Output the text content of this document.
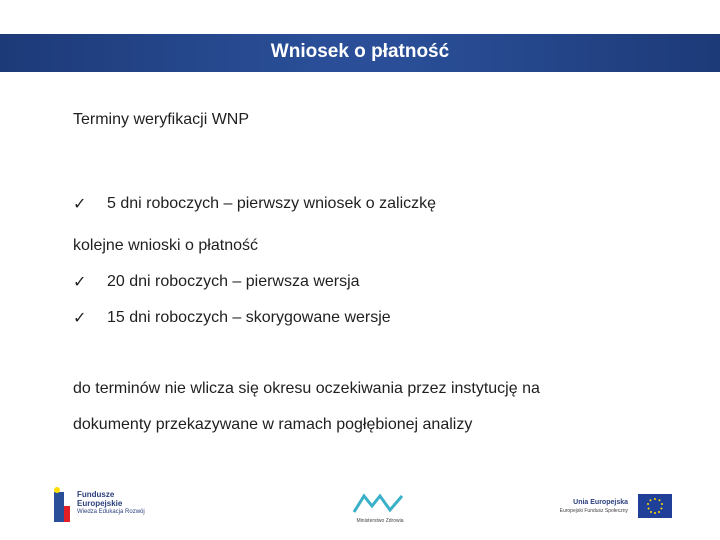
Wniosek o płatność
Terminy weryfikacji WNP
✓	5 dni roboczych – pierwszy wniosek o zaliczkę
kolejne wnioski o płatność
✓	20 dni roboczych – pierwsza wersja
✓	15 dni roboczych – skorygowane wersje
do terminów nie wlicza się okresu oczekiwania przez instytucję na
dokumenty przekazywane w ramach pogłębionej analizy
Fundusze
Europejskie
Wiedza Edukacja Rozwój
Ministerstwo Zdrowia
Unia Europejska
Europejski Fundusz Społeczny
